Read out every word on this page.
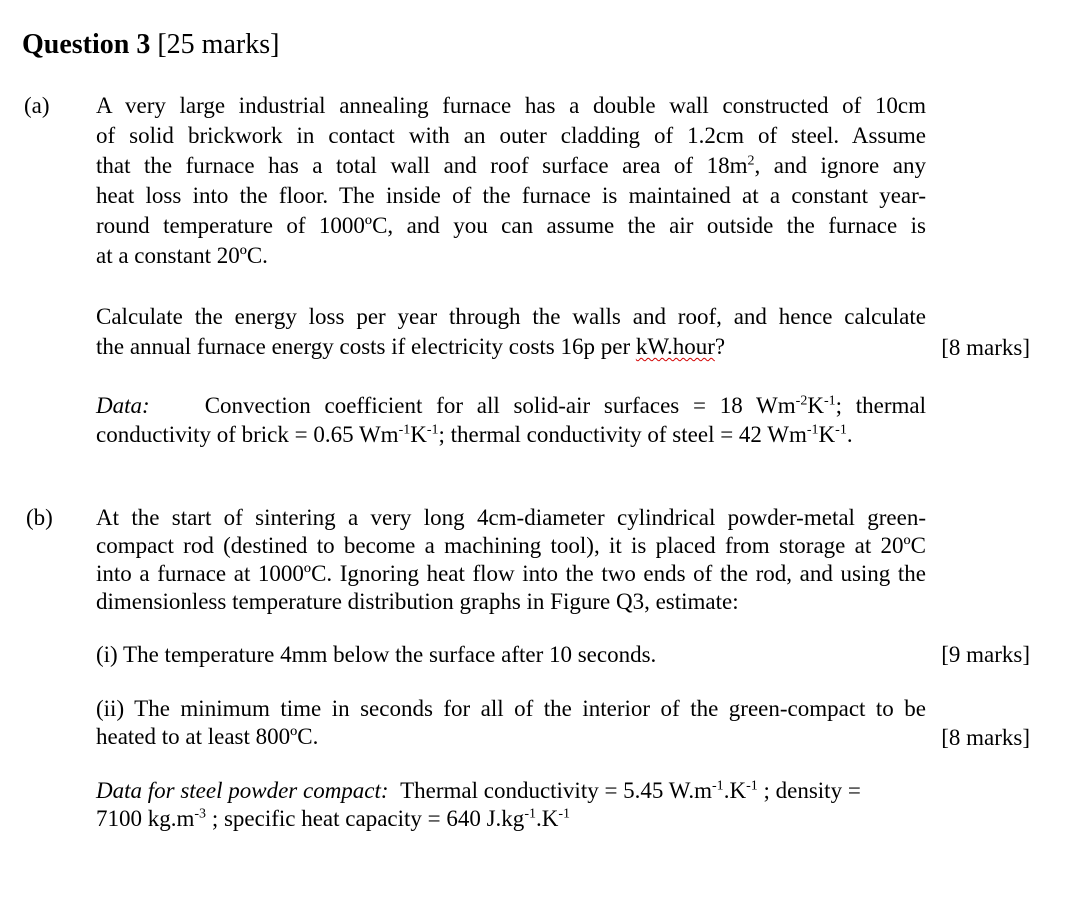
Question 3 [25 marks]
(a) A very large industrial annealing furnace has a double wall constructed of 10cm
of solid brickwork in contact with an outer cladding of 1.2cm of steel. Assume
that the furnace has a total wall and roof surface area of $18m^2$, and ignore any
heat loss into the floor. The inside of the furnace is maintained at a constant year-
round temperature of 1000ºC, and you can assume the air outside the furnace is
at a constant 20ºC.
Calculate the energy loss per year through the walls and roof, and hence calculate
the annual furnace energy costs if electricity costs 16p per kW.hour?	[8 marks]
Data: Convection coefficient for all solid-air surfaces = 18 $Wm^{-2}K^{-1}$; thermal
conductivity of brick = 0.65 $Wm^{-1}K^{-1}$; thermal conductivity of steel = 42 $Wm^{-1}K^{-1}$.
(b) At the start of sintering a very long 4cm-diameter cylindrical powder-metal green-
compact rod (destined to become a machining tool), it is placed from storage at 20ºC
into a furnace at 1000ºC. Ignoring heat flow into the two ends of the rod, and using the
dimensionless temperature distribution graphs in Figure Q3, estimate:
(i) The temperature 4mm below the surface after 10 seconds.	[9 marks]
(ii) The minimum time in seconds for all of the interior of the green-compact to be
heated to at least 800ºC.	[8 marks]
Data for steel powder compact: Thermal conductivity = 5.45 $W.m^{-1}.K^{-1}$ ; density =
7100 $kg.m^{-3}$ ; specific heat capacity = 640 $J.kg^{-1}.K^{-1}$
